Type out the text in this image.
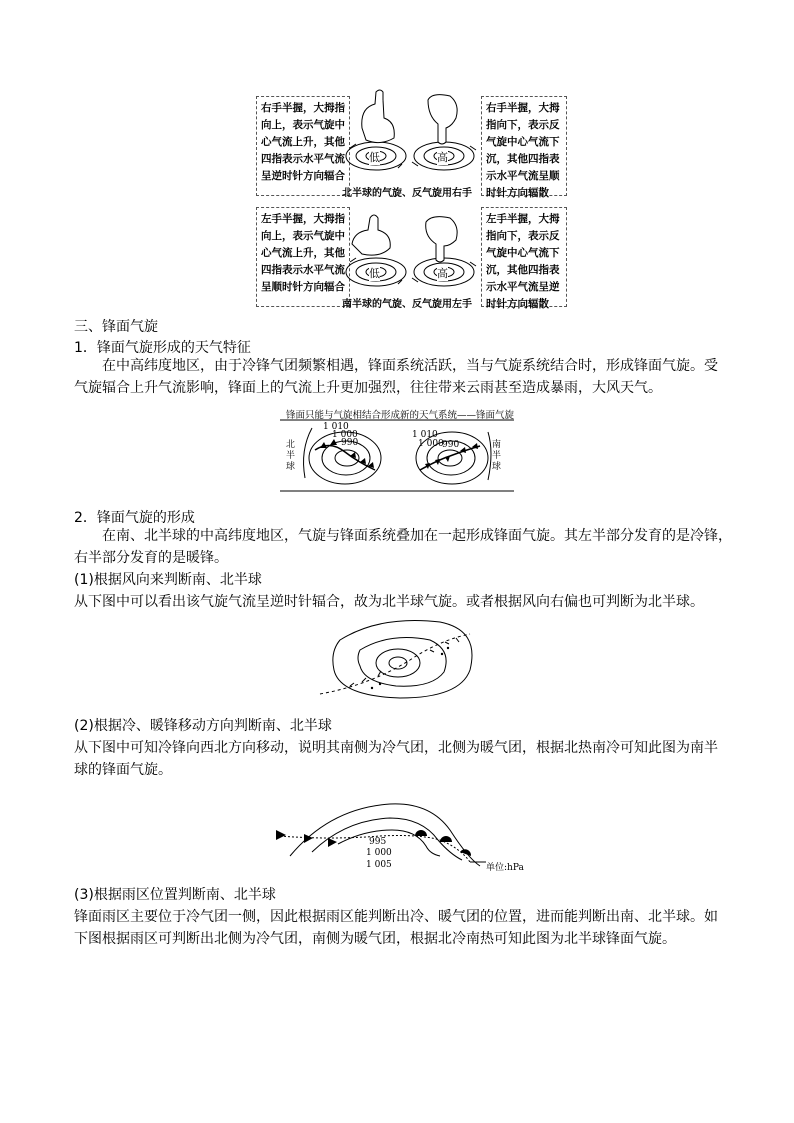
右手半握，大拇指向上，表示气旋中心气流上升，其他四指表示水平气流呈逆时针方向辐合
右手半握，大拇指向下，表示反气旋中心气流下沉，其他四指表示水平气流呈顺时针方向辐散
左手半握，大拇指向上，表示气旋中心气流上升，其他四指表示水平气流呈顺时针方向辐合
左手半握，大拇指向下，表示反气旋中心气流下沉，其他四指表示水平气流呈逆时针方向辐散
低	高
低	高
北半球的气旋、反气旋用右手
南半球的气旋、反气旋用左手
三、锋面气旋
1．锋面气旋形成的天气特征
在中高纬度地区，由于冷锋气团频繁相遇，锋面系统活跃，当与气旋系统结合时，形成锋面气旋。受
气旋辐合上升气流影响，锋面上的气流上升更加强烈，往往带来云雨甚至造成暴雨，大风天气。
锋面只能与气旋相结合形成新的天气系统——锋面气旋
1 010
1 000
990
1 010
1 000
990
北半球
南半球
2．锋面气旋的形成
在南、北半球的中高纬度地区，气旋与锋面系统叠加在一起形成锋面气旋。其左半部分发育的是冷锋，
右半部分发育的是暖锋。
(1)根据风向来判断南、北半球
从下图中可以看出该气旋气流呈逆时针辐合，故为北半球气旋。或者根据风向右偏也可判断为北半球。
(2)根据冷、暖锋移动方向判断南、北半球
从下图中可知冷锋向西北方向移动，说明其南侧为冷气团，北侧为暖气团，根据北热南冷可知此图为南半
球的锋面气旋。
995
1 000
1 005	单位:hPa
(3)根据雨区位置判断南、北半球
锋面雨区主要位于冷气团一侧，因此根据雨区能判断出冷、暖气团的位置，进而能判断出南、北半球。如
下图根据雨区可判断出北侧为冷气团，南侧为暖气团，根据北冷南热可知此图为北半球锋面气旋。
